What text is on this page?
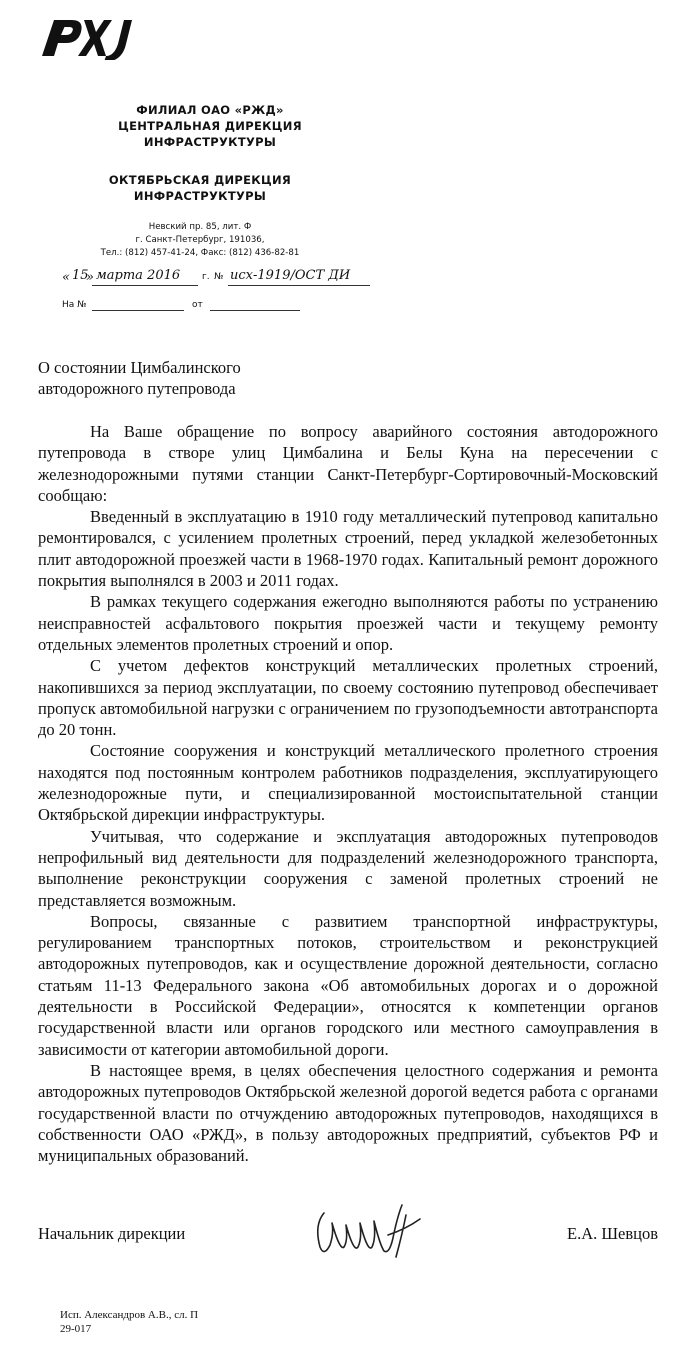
ФИЛИАЛ ОАО «РЖД»
ЦЕНТРАЛЬНАЯ ДИРЕКЦИЯ
ИНФРАСТРУКТУРЫ
ОКТЯБРЬСКАЯ ДИРЕКЦИЯ
ИНФРАСТРУКТУРЫ
Невский пр. 85, лит. Ф
г. Санкт-Петербург, 191036,
Тел.: (812) 457-41-24, Факс: (812) 436-82-81
« 15
» марта 2016 г. № исх-1919/ОСТ ДИ
На №	от
О состоянии Цимбалинского
автодорожного путепровода

На Ваше обращение по вопросу аварийного состояния автодорожного путепровода в створе улиц Цимбалина и Белы Куна на пересечении с железнодорожными путями станции Санкт-Петербург-Сортировочный-Московский сообщаю:

Введенный в эксплуатацию в 1910 году металлический путепровод капитально ремонтировался, с усилением пролетных строений, перед укладкой железобетонных плит автодорожной проезжей части в 1968-1970 годах. Капитальный ремонт дорожного покрытия выполнялся в 2003 и 2011 годах.

В рамках текущего содержания ежегодно выполняются работы по устранению неисправностей асфальтового покрытия проезжей части и текущему ремонту отдельных элементов пролетных строений и опор.

С учетом дефектов конструкций металлических пролетных строений, накопившихся за период эксплуатации, по своему состоянию путепровод обеспечивает пропуск автомобильной нагрузки с ограничением по грузоподъемности автотранспорта до 20 тонн.

Состояние сооружения и конструкций металлического пролетного строения находятся под постоянным контролем работников подразделения, эксплуатирующего железнодорожные пути, и специализированной мостоиспытательной станции Октябрьской дирекции инфраструктуры.

Учитывая, что содержание и эксплуатация автодорожных путепроводов непрофильный вид деятельности для подразделений железнодорожного транспорта, выполнение реконструкции сооружения с заменой пролетных строений не представляется возможным.

Вопросы, связанные с развитием транспортной инфраструктуры, регулированием транспортных потоков, строительством и реконструкцией автодорожных путепроводов, как и осуществление дорожной деятельности, согласно статьям 11-13 Федерального закона «Об автомобильных дорогах и о дорожной деятельности в Российской Федерации», относятся к компетенции органов государственной власти или органов городского или местного самоуправления в зависимости от категории автомобильной дороги.

В настоящее время, в целях обеспечения целостного содержания и ремонта автодорожных путепроводов Октябрьской железной дорогой ведется работа с органами государственной власти по отчуждению автодорожных путепроводов, находящихся в собственности ОАО «РЖД», в пользу автодорожных предприятий, субъектов РФ и муниципальных образований.

Начальник дирекции	Е.А. Шевцов
Исп. Александров А.В., сл. П
29-017
